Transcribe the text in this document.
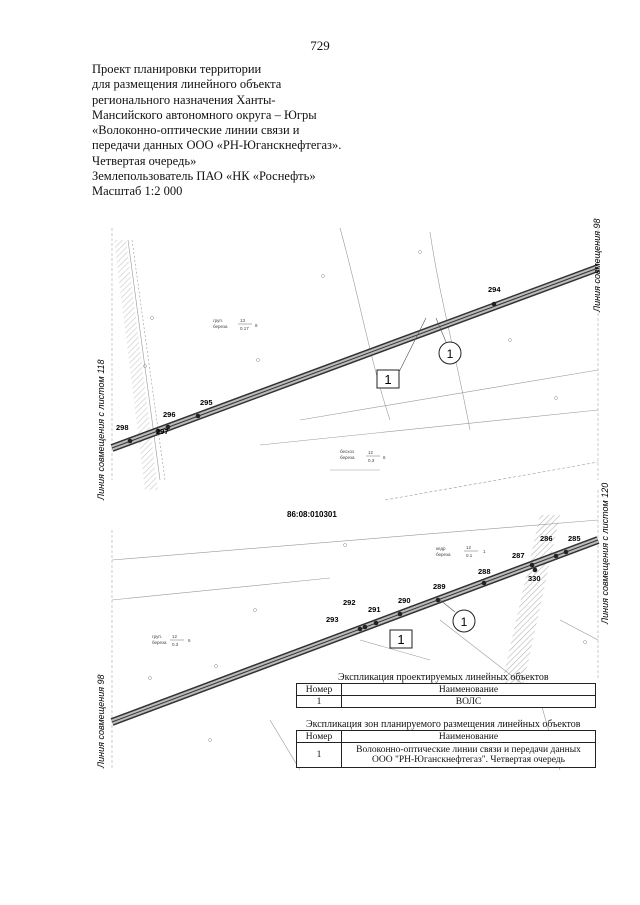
729
Проект планировки территории
для размещения линейного объекта
регионального назначения Ханты-
Мансийского автономного округа – Югры
«Волоконно-оптические линии связи и
передачи данных ООО «РН-Юганскнефтегаз».
Четвертая очередь»
Землепользователь ПАО «НК «Роснефть»
Масштаб 1:2 000
298	297
296
295
294
1
1
груп.
береза
13
0.17
8
бесхоз
береза
12
0.3
6
Линия совмещения 98
Линия совмещения с листом 118
86:08:010301
285
286
287
288
289
290
291
292
293
330
1
1
кедр
береза
12
0.1
1
груп.
береза
12
0.3
6
Линия совмещения с листом 120
Линия совмещения 98	Экспликация проектируемых линейных объектов
Номер	Наименование
1	ВОЛС
Экспликация зон планируемого размещения линейных объектов
Номер	Наименование
1	Волоконно-оптические линии связи и передачи данных
ООО "РН-Юганскнефтегаз". Четвертая очередь
